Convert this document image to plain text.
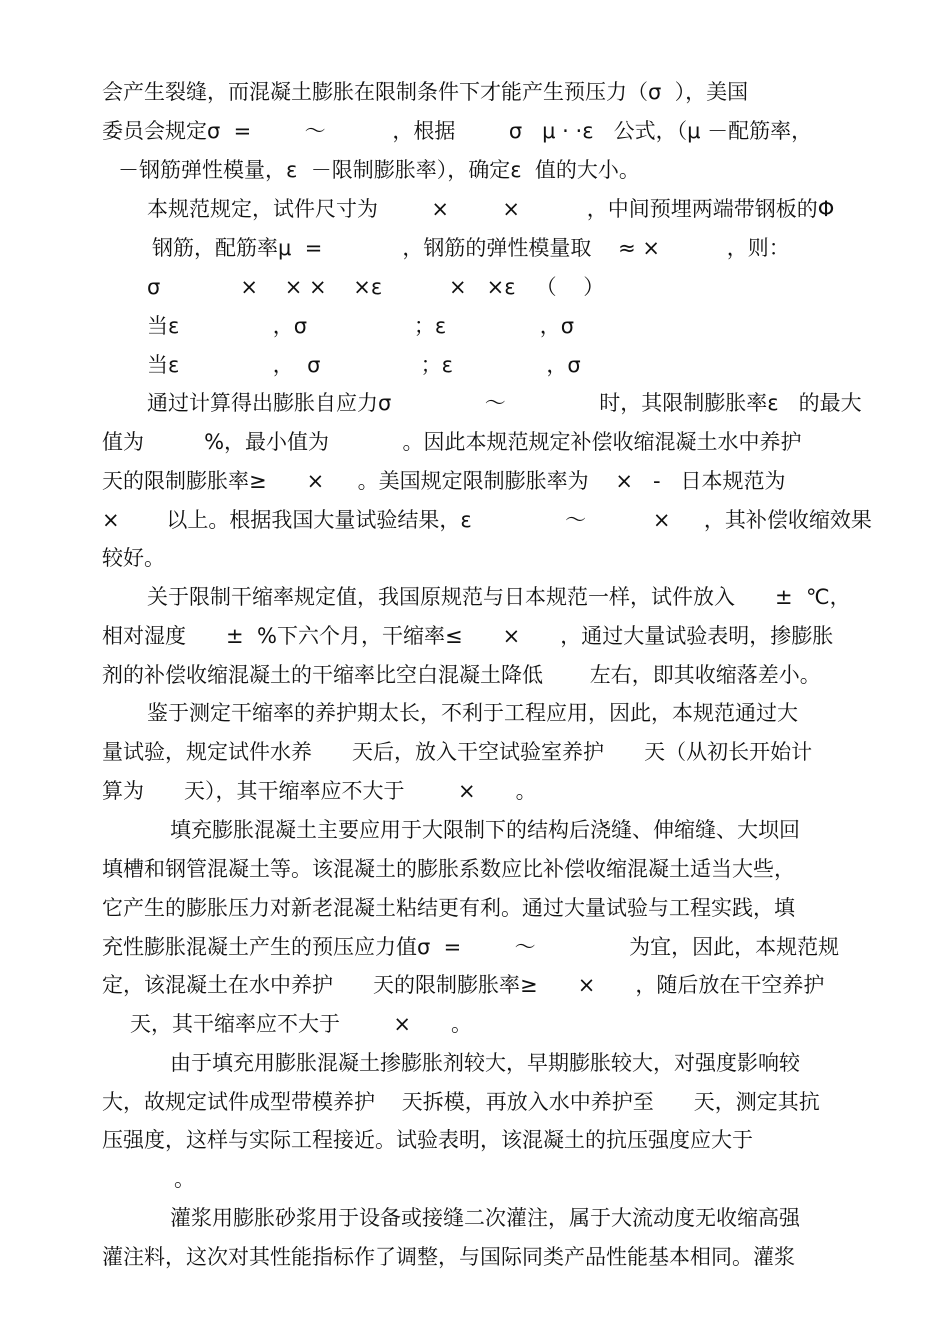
会产生裂缝，而混凝土膨胀在限制条件下才能产生预压力（σ  ），美国

委员会规定σ  =        ～          ，根据        σ   μ · ·ε   公式，（μ －配筋率，

－钢筋弹性模量，ε  －限制膨胀率），确定ε  值的大小。

本规范规定，试件尺寸为        ×        ×          ，中间预埋两端带钢板的Φ

钢筋，配筋率μ  =            ，钢筋的弹性模量取    ≈ ×          ，则：

σ            ×    × ×    ×ε          ×   ×ε   （    ）

当ε              ，σ                ；ε              ，σ

当ε              ，  σ               ；ε              ，σ

通过计算得出膨胀自应力σ              ～              时，其限制膨胀率ε   的最大

值为         %，最小值为           。因此本规范规定补偿收缩混凝土水中养护

天的限制膨胀率≥      ×     。美国规定限制膨胀率为    ×   -   日本规范为

×       以上。根据我国大量试验结果，ε              ～          ×     ，其补偿收缩效果

较好。

关于限制干缩率规定值，我国原规范与日本规范一样，试件放入      ±  ℃，

相对湿度      ±  %下六个月，干缩率≤      ×      ，通过大量试验表明，掺膨胀

剂的补偿收缩混凝土的干缩率比空白混凝土降低       左右，即其收缩落差小。

鉴于测定干缩率的养护期太长，不利于工程应用，因此，本规范通过大

量试验，规定试件水养      天后，放入干空试验室养护      天（从初长开始计

算为      天），其干缩率应不大于        ×      。

填充膨胀混凝土主要应用于大限制下的结构后浇缝、伸缩缝、大坝回

填槽和钢管混凝土等。该混凝土的膨胀系数应比补偿收缩混凝土适当大些，

它产生的膨胀压力对新老混凝土粘结更有利。通过大量试验与工程实践，填

充性膨胀混凝土产生的预压应力值σ  =        ～              为宜，因此，本规范规

定，该混凝土在水中养护      天的限制膨胀率≥      ×      ，随后放在干空养护

天，其干缩率应不大于        ×      。

由于填充用膨胀混凝土掺膨胀剂较大，早期膨胀较大，对强度影响较

大，故规定试件成型带模养护    天拆模，再放入水中养护至      天，测定其抗

压强度，这样与实际工程接近。试验表明，该混凝土的抗压强度应大于

。

灌浆用膨胀砂浆用于设备或接缝二次灌注，属于大流动度无收缩高强

灌注料，这次对其性能指标作了调整，与国际同类产品性能基本相同。灌浆
